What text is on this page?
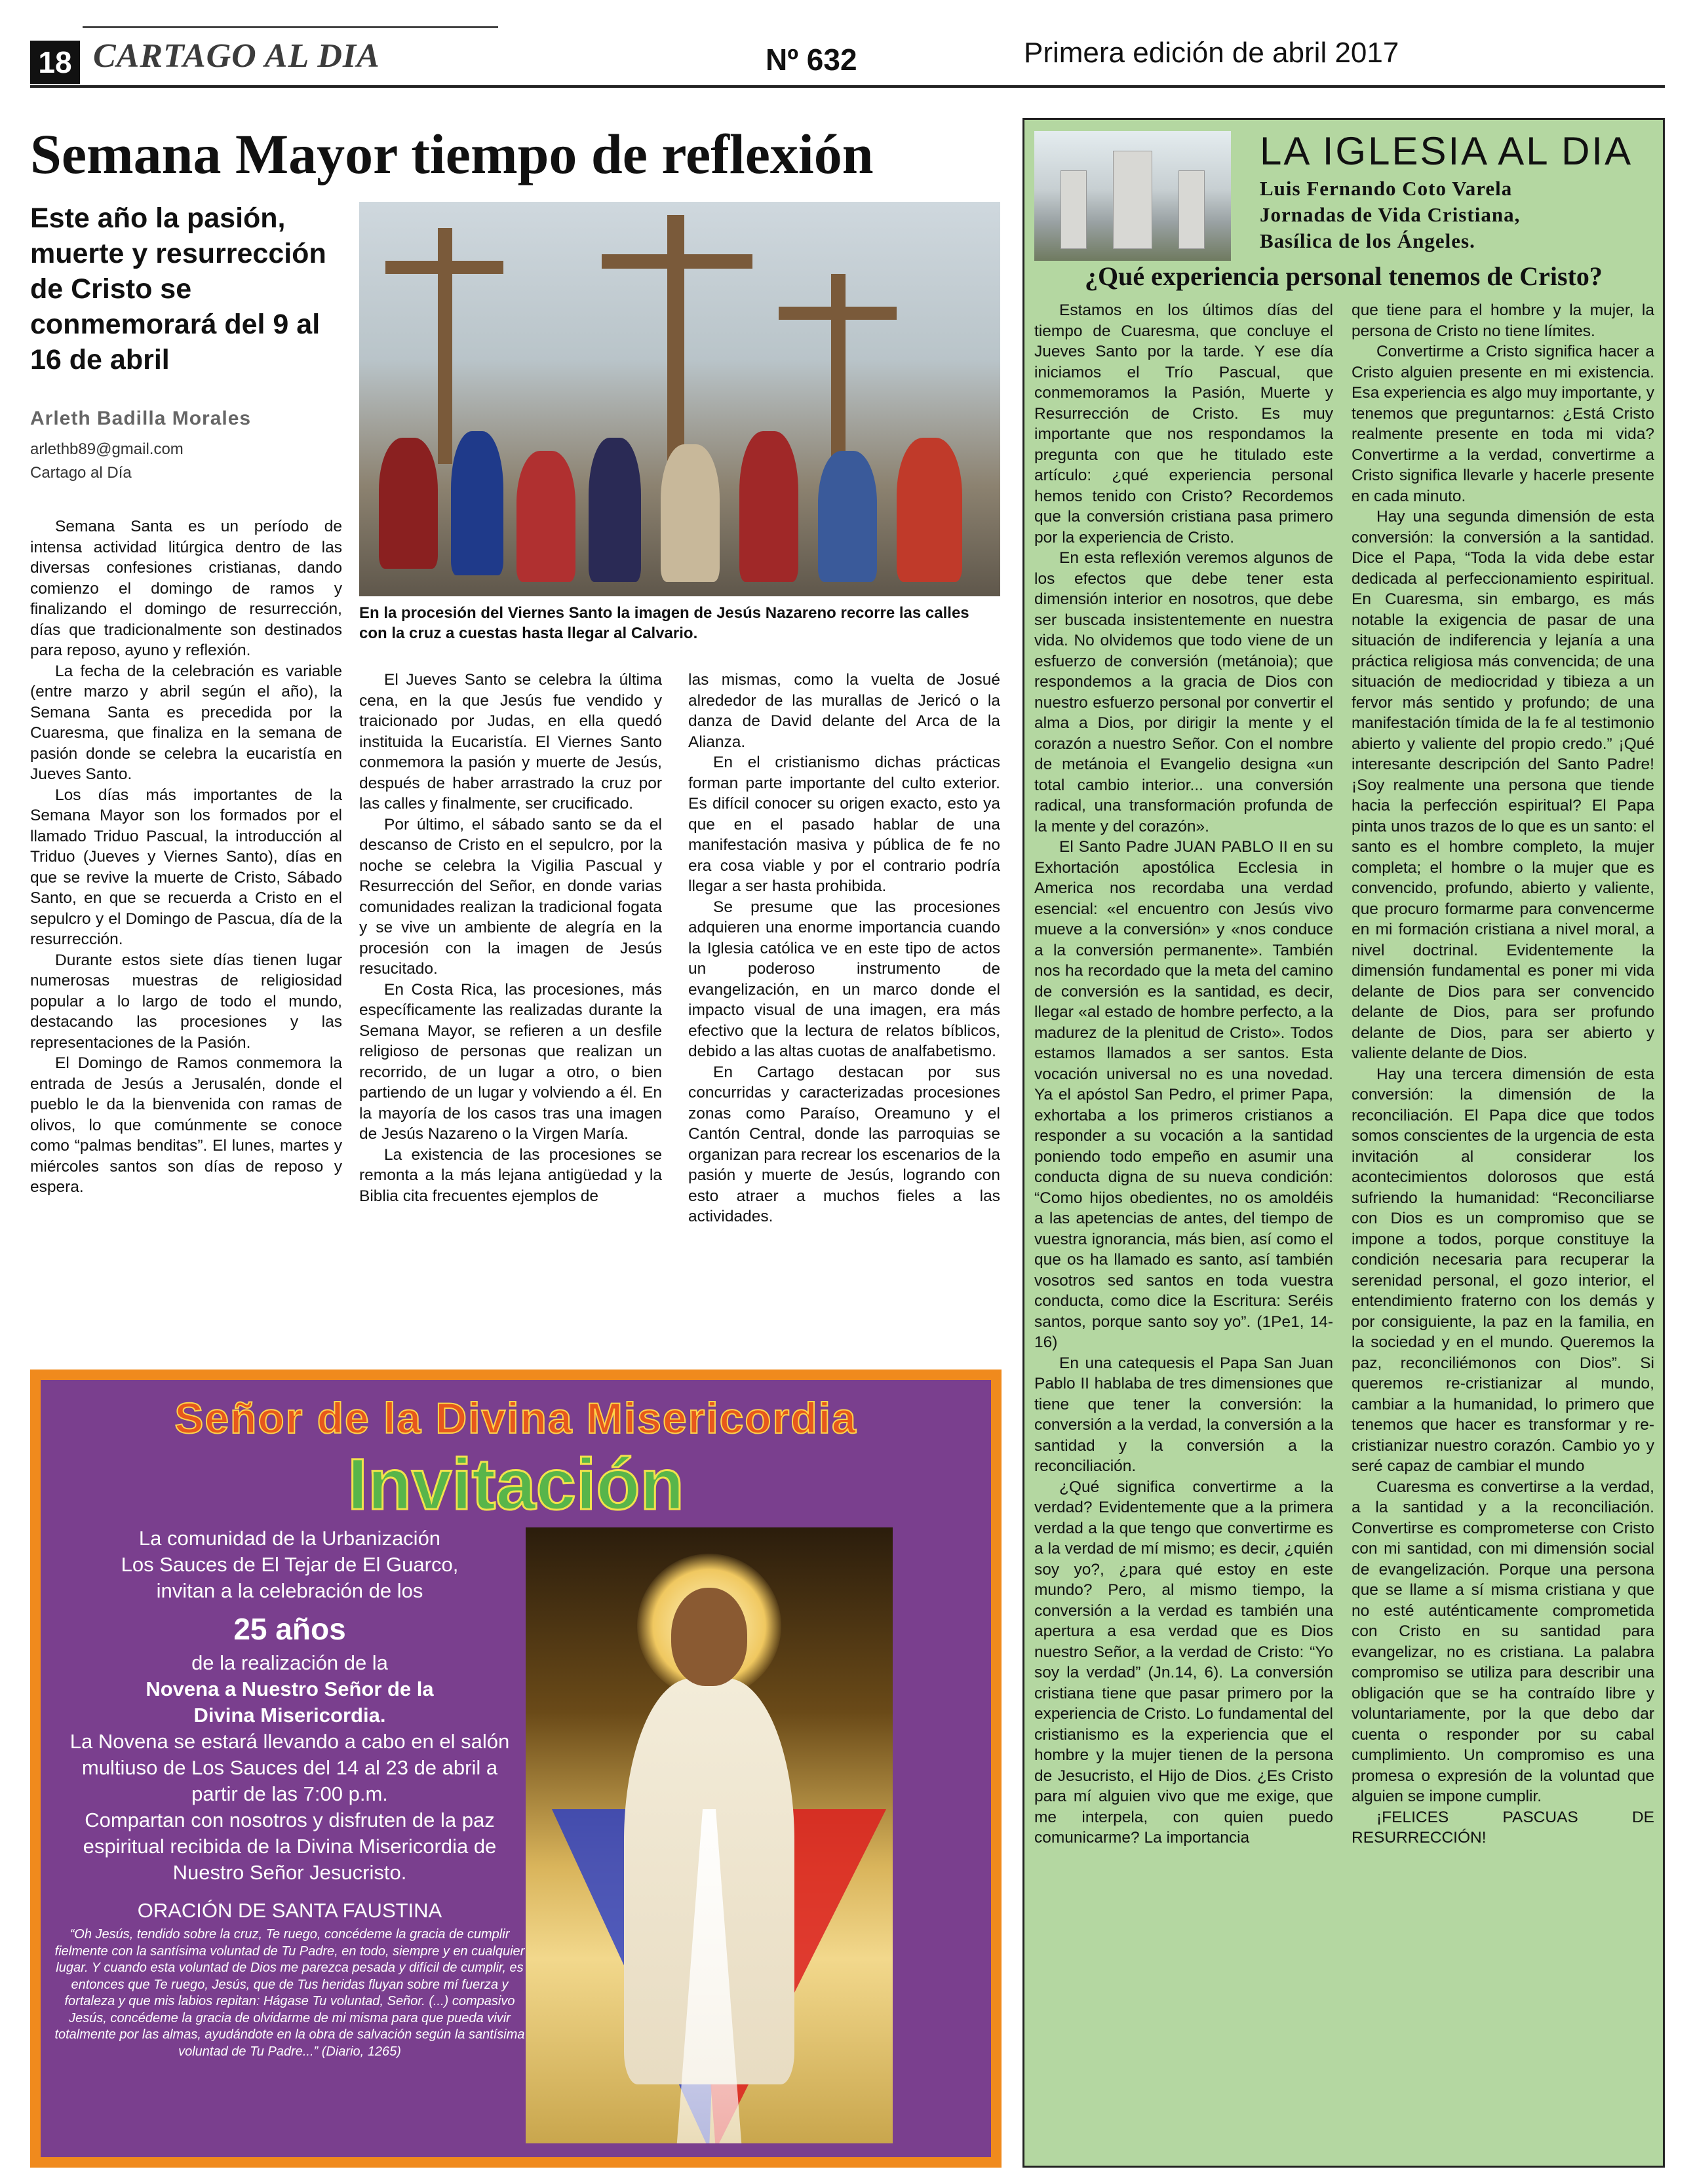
18 CARTAGO AL DIA	Nº 632	Primera edición de abril 2017
Semana Mayor tiempo de reflexión
Este año la pasión, muerte y resurrección de Cristo se conmemorará del 9 al 16 de abril
Arleth Badilla Morales
arlethb89@gmail.com
Cartago al Día
En la procesión del Viernes Santo la imagen de Jesús Nazareno recorre las calles con la cruz a cuestas hasta llegar al Calvario.

Semana Santa es un período de intensa actividad litúrgica dentro de las diversas confesiones cristianas, dando comienzo el domingo de ramos y finalizando el domingo de resurrección, días que tradicionalmente son destinados para reposo, ayuno y reflexión.

La fecha de la celebración es variable (entre marzo y abril según el año), la Semana Santa es precedida por la Cuaresma, que finaliza en la semana de pasión donde se celebra la eucaristía en Jueves Santo.

Los días más importantes de la Semana Mayor son los formados por el llamado Triduo Pascual, la introducción al Triduo (Jueves y Viernes Santo), días en que se revive la muerte de Cristo, Sábado Santo, en que se recuerda a Cristo en el sepulcro y el Domingo de Pascua, día de la resurrección.

Durante estos siete días tienen lugar numerosas muestras de religiosidad popular a lo largo de todo el mundo, destacando las procesiones y las representaciones de la Pasión.

El Domingo de Ramos conmemora la entrada de Jesús a Jerusalén, donde el pueblo le da la bienvenida con ramas de olivos, lo que comúnmente se conoce como “palmas benditas”. El lunes, martes y miércoles santos son días de reposo y espera.

El Jueves Santo se celebra la última cena, en la que Jesús fue vendido y traicionado por Judas, en ella quedó instituida la Eucaristía. El Viernes Santo conmemora la pasión y muerte de Jesús, después de haber arrastrado la cruz por las calles y finalmente, ser crucificado.

Por último, el sábado santo se da el descanso de Cristo en el sepulcro, por la noche se celebra la Vigilia Pascual y Resurrección del Señor, en donde varias comunidades realizan la tradicional fogata y se vive un ambiente de alegría en la procesión con la imagen de Jesús resucitado.

En Costa Rica, las procesiones, más específicamente las realizadas durante la Semana Mayor, se refieren a un desfile religioso de personas que realizan un recorrido, de un lugar a otro, o bien partiendo de un lugar y volviendo a él. En la mayoría de los casos tras una imagen de Jesús Nazareno o la Virgen María.

La existencia de las procesiones se remonta a la más lejana antigüedad y la Biblia cita frecuentes ejemplos de

las mismas, como la vuelta de Josué alrededor de las murallas de Jericó o la danza de David delante del Arca de la Alianza.

En el cristianismo dichas prácticas forman parte importante del culto exterior. Es difícil conocer su origen exacto, esto ya que en el pasado hablar de una manifestación masiva y pública de fe no era cosa viable y por el contrario podría llegar a ser hasta prohibida.

Se presume que las procesiones adquieren una enorme importancia cuando la Iglesia católica ve en este tipo de actos un poderoso instrumento de evangelización, en un marco donde el impacto visual de una imagen, era más efectivo que la lectura de relatos bíblicos, debido a las altas cuotas de analfabetismo.

En Cartago destacan por sus concurridas y caracterizadas procesiones zonas como Paraíso, Oreamuno y el Cantón Central, donde las parroquias se organizan para recrear los escenarios de la pasión y muerte de Jesús, logrando con esto atraer a muchos fieles a las actividades.

Señor de la Divina Misericordia
Invitación
La comunidad de la Urbanización
Los Sauces de El Tejar de El Guarco,
invitan a la celebración de los
25 años
de la realización de la
Novena a Nuestro Señor de la
Divina Misericordia.
La Novena se estará llevando a cabo en el salón
multiuso de Los Sauces del 14 al 23 de abril a
partir de las 7:00 p.m.
Compartan con nosotros y disfruten de la paz
espiritual recibida de la Divina Misericordia de
Nuestro Señor Jesucristo.
ORACIÓN DE SANTA FAUSTINA
“Oh Jesús, tendido sobre la cruz, Te ruego, concédeme la gracia de cumplir fielmente con la santísima voluntad de Tu Padre, en todo, siempre y en cualquier lugar. Y cuando esta voluntad de Dios me parezca pesada y difícil de cumplir, es entonces que Te ruego, Jesús, que de Tus heridas fluyan sobre mí fuerza y fortaleza y que mis labios repitan: Hágase Tu voluntad, Señor. (...) compasivo Jesús, concédeme la gracia de olvidarme de mi misma para que pueda vivir totalmente por las almas, ayudándote en la obra de salvación según la santísima voluntad de Tu Padre...” (Diario, 1265)
LA IGLESIA AL DIA
Luis Fernando Coto Varela
Jornadas de Vida Cristiana,
Basílica de los Ángeles.
¿Qué experiencia personal tenemos de Cristo?

Estamos en los últimos días del tiempo de Cuaresma, que concluye el Jueves Santo por la tarde. Y ese día iniciamos el Trío Pascual, que conmemoramos la Pasión, Muerte y Resurrección de Cristo. Es muy importante que nos respondamos la pregunta con que he titulado este artículo: ¿qué experiencia personal hemos tenido con Cristo? Recordemos que la conversión cristiana pasa primero por la experiencia de Cristo.

En esta reflexión veremos algunos de los efectos que debe tener esta dimensión interior en nosotros, que debe ser buscada insistentemente en nuestra vida. No olvidemos que todo viene de un esfuerzo de conversión (metánoia); que respondemos a la gracia de Dios con nuestro esfuerzo personal por convertir el alma a Dios, por dirigir la mente y el corazón a nuestro Señor. Con el nombre de metánoia el Evangelio designa «un total cambio interior... una conversión radical, una transformación profunda de la mente y del corazón».

El Santo Padre JUAN PABLO II en su Exhortación apostólica Ecclesia in America nos recordaba una verdad esencial: «el encuentro con Jesús vivo mueve a la conversión» y «nos conduce a la conversión permanente». También nos ha recordado que la meta del camino de conversión es la santidad, es decir, llegar «al estado de hombre perfecto, a la madurez de la plenitud de Cristo». Todos estamos llamados a ser santos. Esta vocación universal no es una novedad. Ya el apóstol San Pedro, el primer Papa, exhortaba a los primeros cristianos a responder a su vocación a la santidad poniendo todo empeño en asumir una conducta digna de su nueva condición: “Como hijos obedientes, no os amoldéis a las apetencias de antes, del tiempo de vuestra ignorancia, más bien, así como el que os ha llamado es santo, así también vosotros sed santos en toda vuestra conducta, como dice la Escritura: Seréis santos, porque santo soy yo”. (1Pe1, 14-16)

En una catequesis el Papa San Juan Pablo II hablaba de tres dimensiones que tiene que tener la conversión: la conversión a la verdad, la conversión a la santidad y la conversión a la reconciliación.

¿Qué significa convertirme a la verdad? Evidentemente que a la primera verdad a la que tengo que convertirme es a la verdad de mí mismo; es decir, ¿quién soy yo?, ¿para qué estoy en este mundo? Pero, al mismo tiempo, la conversión a la verdad es también una apertura a esa verdad que es Dios nuestro Señor, a la verdad de Cristo: “Yo soy la verdad” (Jn.14, 6). La conversión cristiana tiene que pasar primero por la experiencia de Cristo. Lo fundamental del cristianismo es la experiencia que el hombre y la mujer tienen de la persona de Jesucristo, el Hijo de Dios. ¿Es Cristo para mí alguien vivo que me exige, que me interpela, con quien puedo comunicarme? La importancia

que tiene para el hombre y la mujer, la persona de Cristo no tiene límites.

Convertirme a Cristo significa hacer a Cristo alguien presente en mi existencia. Esa experiencia es algo muy importante, y tenemos que preguntarnos: ¿Está Cristo realmente presente en toda mi vida? Convertirme a la verdad, convertirme a Cristo significa llevarle y hacerle presente en cada minuto.

Hay una segunda dimensión de esta conversión: la conversión a la santidad. Dice el Papa, “Toda la vida debe estar dedicada al perfeccionamiento espiritual. En Cuaresma, sin embargo, es más notable la exigencia de pasar de una situación de indiferencia y lejanía a una práctica religiosa más convencida; de una situación de mediocridad y tibieza a un fervor más sentido y profundo; de una manifestación tímida de la fe al testimonio abierto y valiente del propio credo.” ¡Qué interesante descripción del Santo Padre! ¡Soy realmente una persona que tiende hacia la perfección espiritual? El Papa pinta unos trazos de lo que es un santo: el santo es el hombre completo, la mujer completa; el hombre o la mujer que es convencido, profundo, abierto y valiente, que procuro formarme para convencerme en mi formación cristiana a nivel moral, a nivel doctrinal. Evidentemente la dimensión fundamental es poner mi vida delante de Dios para ser convencido delante de Dios, para ser profundo delante de Dios, para ser abierto y valiente delante de Dios.

Hay una tercera dimensión de esta conversión: la dimensión de la reconciliación. El Papa dice que todos somos conscientes de la urgencia de esta invitación al considerar los acontecimientos dolorosos que está sufriendo la humanidad: “Reconciliarse con Dios es un compromiso que se impone a todos, porque constituye la condición necesaria para recuperar la serenidad personal, el gozo interior, el entendimiento fraterno con los demás y por consiguiente, la paz en la familia, en la sociedad y en el mundo. Queremos la paz, reconciliémonos con Dios”. Si queremos re-cristianizar al mundo, cambiar a la humanidad, lo primero que tenemos que hacer es transformar y re-cristianizar nuestro corazón. Cambio yo y seré capaz de cambiar el mundo

Cuaresma es convertirse a la verdad, a la santidad y a la reconciliación. Convertirse es comprometerse con Cristo con mi santidad, con mi dimensión social de evangelización. Porque una persona que se llame a sí misma cristiana y que no esté auténticamente comprometida con Cristo en su santidad para evangelizar, no es cristiana. La palabra compromiso se utiliza para describir una obligación que se ha contraído libre y voluntariamente, por la que debo dar cuenta o responder por su cabal cumplimiento. Un compromiso es una promesa o expresión de la voluntad que alguien se impone cumplir.

¡FELICES PASCUAS DE RESURRECCIÓN!
